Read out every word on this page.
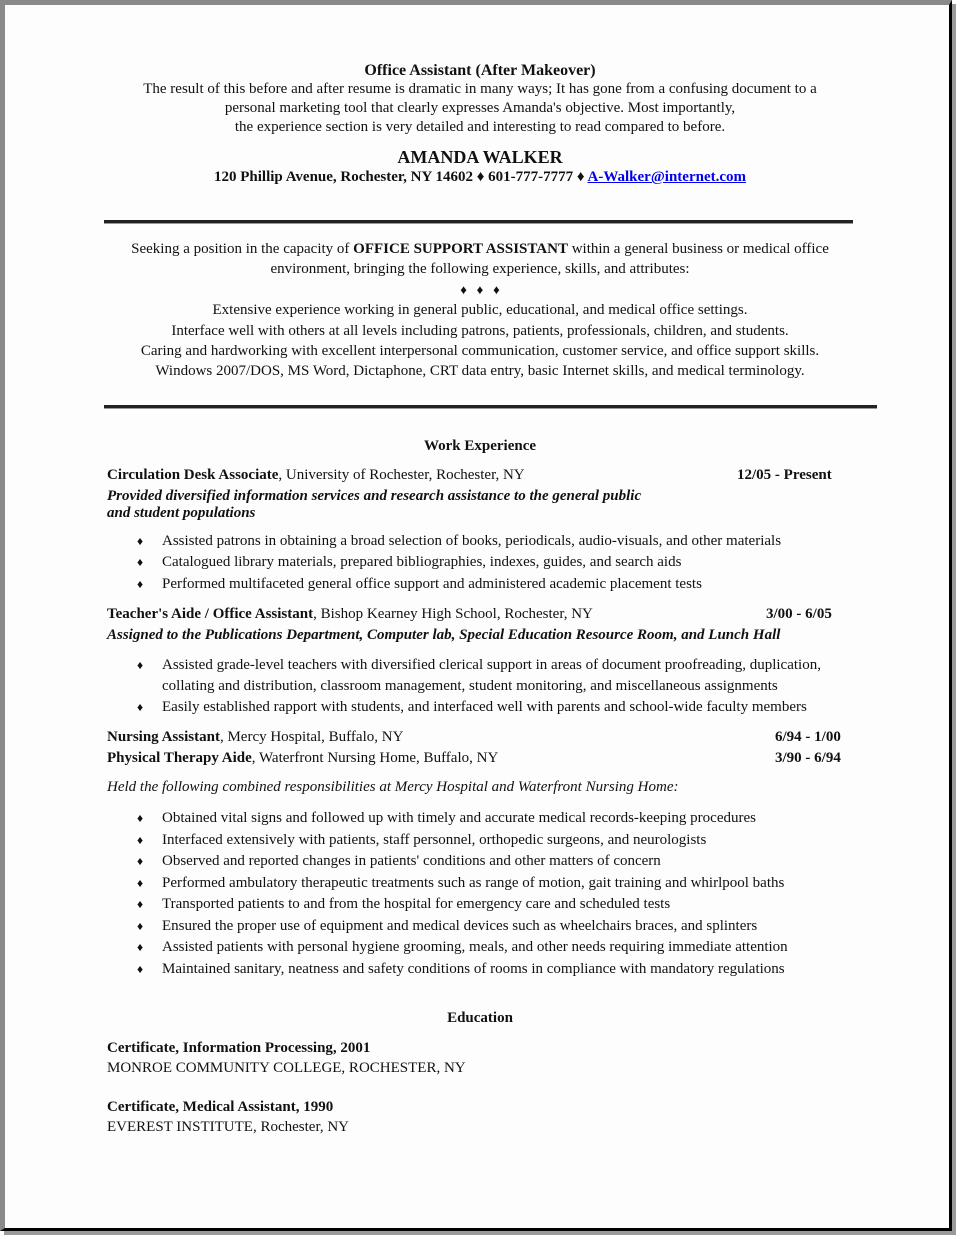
Office Assistant (After Makeover)
The result of this before and after resume is dramatic in many ways; It has gone from a confusing document to a
personal marketing tool that clearly expresses Amanda's objective. Most importantly,
the experience section is very detailed and interesting to read compared to before.
AMANDA WALKER
120 Phillip Avenue, Rochester, NY 14602 ♦ 601-777-7777 ♦ A-Walker@internet.com
Seeking a position in the capacity of OFFICE SUPPORT ASSISTANT within a general business or medical office
environment, bringing the following experience, skills, and attributes:
♦   ♦   ♦
Extensive experience working in general public, educational, and medical office settings.
Interface well with others at all levels including patrons, patients, professionals, children, and students.
Caring and hardworking with excellent interpersonal communication, customer service, and office support skills.
Windows 2007/DOS, MS Word, Dictaphone, CRT data entry, basic Internet skills, and medical terminology.
Work Experience
Circulation Desk Associate, University of Rochester, Rochester, NY	12/05 - Present
Provided diversified information services and research assistance to the general public
and student populations
♦ Assisted patrons in obtaining a broad selection of books, periodicals, audio-visuals, and other materials
♦ Catalogued library materials, prepared bibliographies, indexes, guides, and search aids
♦ Performed multifaceted general office support and administered academic placement tests
Teacher's Aide / Office Assistant, Bishop Kearney High School, Rochester, NY	3/00 - 6/05
Assigned to the Publications Department, Computer lab, Special Education Resource Room, and Lunch Hall
♦ Assisted grade-level teachers with diversified clerical support in areas of document proofreading, duplication,
collating and distribution, classroom management, student monitoring, and miscellaneous assignments
♦ Easily established rapport with students, and interfaced well with parents and school-wide faculty members
Nursing Assistant, Mercy Hospital, Buffalo, NY	6/94 - 1/00
Physical Therapy Aide, Waterfront Nursing Home, Buffalo, NY	3/90 - 6/94
Held the following combined responsibilities at Mercy Hospital and Waterfront Nursing Home:
♦ Obtained vital signs and followed up with timely and accurate medical records-keeping procedures
♦ Interfaced extensively with patients, staff personnel, orthopedic surgeons, and neurologists
♦ Observed and reported changes in patients' conditions and other matters of concern
♦ Performed ambulatory therapeutic treatments such as range of motion, gait training and whirlpool baths
♦ Transported patients to and from the hospital for emergency care and scheduled tests
♦ Ensured the proper use of equipment and medical devices such as wheelchairs braces, and splinters
♦ Assisted patients with personal hygiene grooming, meals, and other needs requiring immediate attention
♦ Maintained sanitary, neatness and safety conditions of rooms in compliance with mandatory regulations
Education
Certificate, Information Processing, 2001
MONROE COMMUNITY COLLEGE, ROCHESTER, NY
Certificate, Medical Assistant, 1990
EVEREST INSTITUTE, Rochester, NY
